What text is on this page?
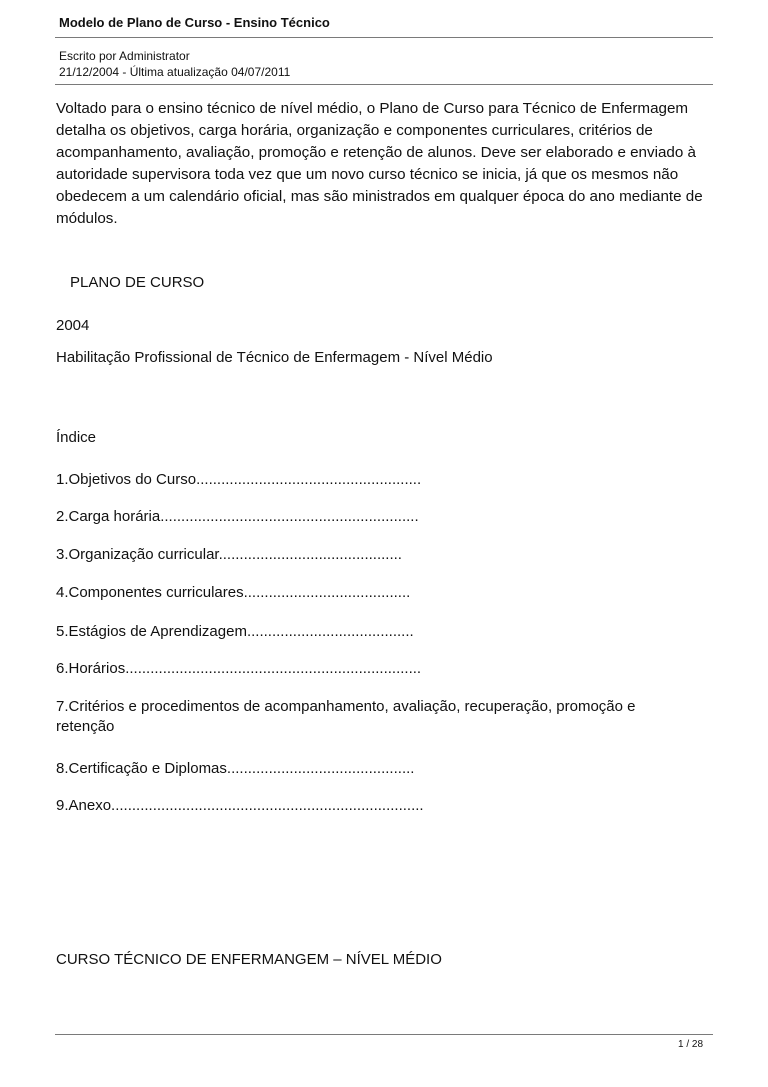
Modelo de Plano de Curso - Ensino Técnico
Escrito por Administrator
21/12/2004 - Última atualização 04/07/2011

Voltado para o ensino técnico de nível médio, o Plano de Curso para Técnico de Enfermagem detalha os objetivos, carga horária, organização e componentes curriculares, critérios de acompanhamento, avaliação, promoção e retenção de alunos. Deve ser elaborado e enviado à autoridade supervisora toda vez que um novo curso técnico se inicia, já que os mesmos não obedecem a um calendário oficial, mas são ministrados em qualquer época do ano mediante de módulos.

PLANO DE CURSO
2004
Habilitação Profissional de Técnico de Enfermagem - Nível Médio
Índice
1.Objetivos do Curso......................................................
2.Carga horária..............................................................
3.Organização curricular............................................
4.Componentes curriculares........................................
5.Estágios de Aprendizagem........................................
6.Horários.......................................................................
7.Critérios e procedimentos de acompanhamento, avaliação, recuperação, promoção e retenção
8.Certificação e Diplomas.............................................
9.Anexo...........................................................................
CURSO TÉCNICO DE ENFERMANGEM – NÍVEL MÉDIO
1 / 28
